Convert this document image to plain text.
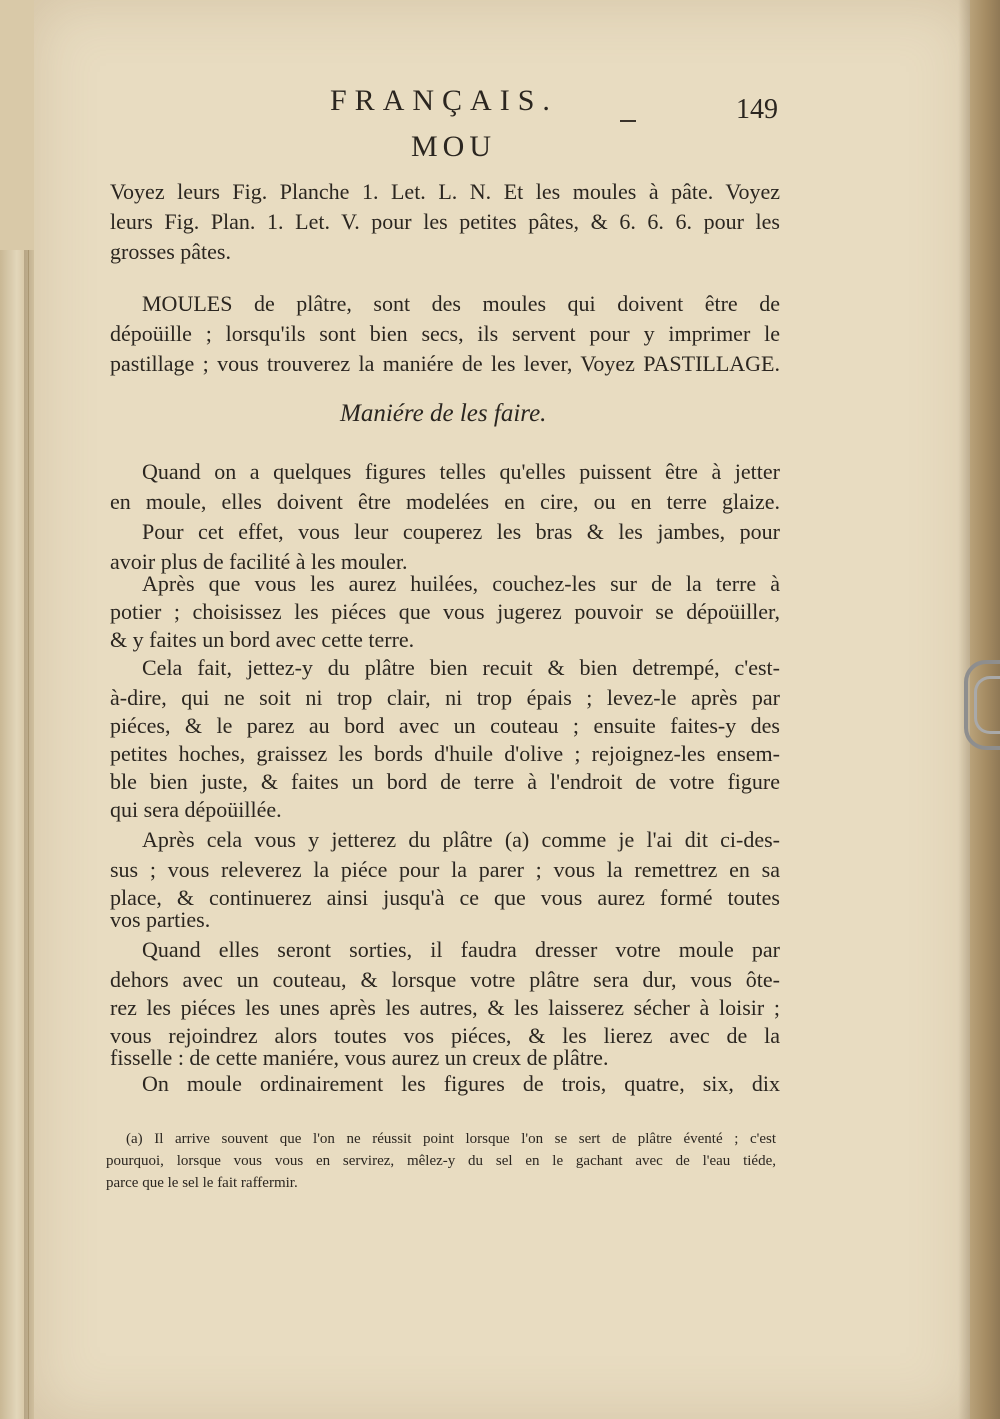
FRANÇAIS.	149
MOU
Voyez leurs Fig. Planche 1. Let. L. N. Et les moules à pâte. Voyez
leurs Fig. Plan. 1. Let. V. pour les petites pâtes, & 6. 6. 6. pour les
grosses pâtes.
MOULES de plâtre, sont des moules qui doivent être de
dépoüille ; lorsqu'ils sont bien secs, ils servent pour y imprimer le
pastillage ; vous trouverez la maniére de les lever, Voyez PASTILLAGE.
Maniére de les faire.
Quand on a quelques figures telles qu'elles puissent être à jetter
en moule, elles doivent être modelées en cire, ou en terre glaize.
Pour cet effet, vous leur couperez les bras & les jambes, pour
avoir plus de facilité à les mouler.
Après que vous les aurez huilées, couchez-les sur de la terre à
potier ; choisissez les piéces que vous jugerez pouvoir se dépoüiller,
& y faites un bord avec cette terre.
Cela fait, jettez-y du plâtre bien recuit & bien detrempé, c'est-
à-dire, qui ne soit ni trop clair, ni trop épais ; levez-le après par
piéces, & le parez au bord avec un couteau ; ensuite faites-y des
petites hoches, graissez les bords d'huile d'olive ; rejoignez-les ensem-
ble bien juste, & faites un bord de terre à l'endroit de votre figure
qui sera dépoüillée.
Après cela vous y jetterez du plâtre (a) comme je l'ai dit ci-des-
sus ; vous releverez la piéce pour la parer ; vous la remettrez en sa
place, & continuerez ainsi jusqu'à ce que vous aurez formé toutes
vos parties.
Quand elles seront sorties, il faudra dresser votre moule par
dehors avec un couteau, & lorsque votre plâtre sera dur, vous ôte-
rez les piéces les unes après les autres, & les laisserez sécher à loisir ;
vous rejoindrez alors toutes vos piéces, & les lierez avec de la
fisselle : de cette maniére, vous aurez un creux de plâtre.
On moule ordinairement les figures de trois, quatre, six, dix
(a) Il arrive souvent que l'on ne réussit point lorsque l'on se sert de plâtre éventé ; c'est
pourquoi, lorsque vous vous en servirez, mêlez-y du sel en le gachant avec de l'eau tiéde,
parce que le sel le fait raffermir.
